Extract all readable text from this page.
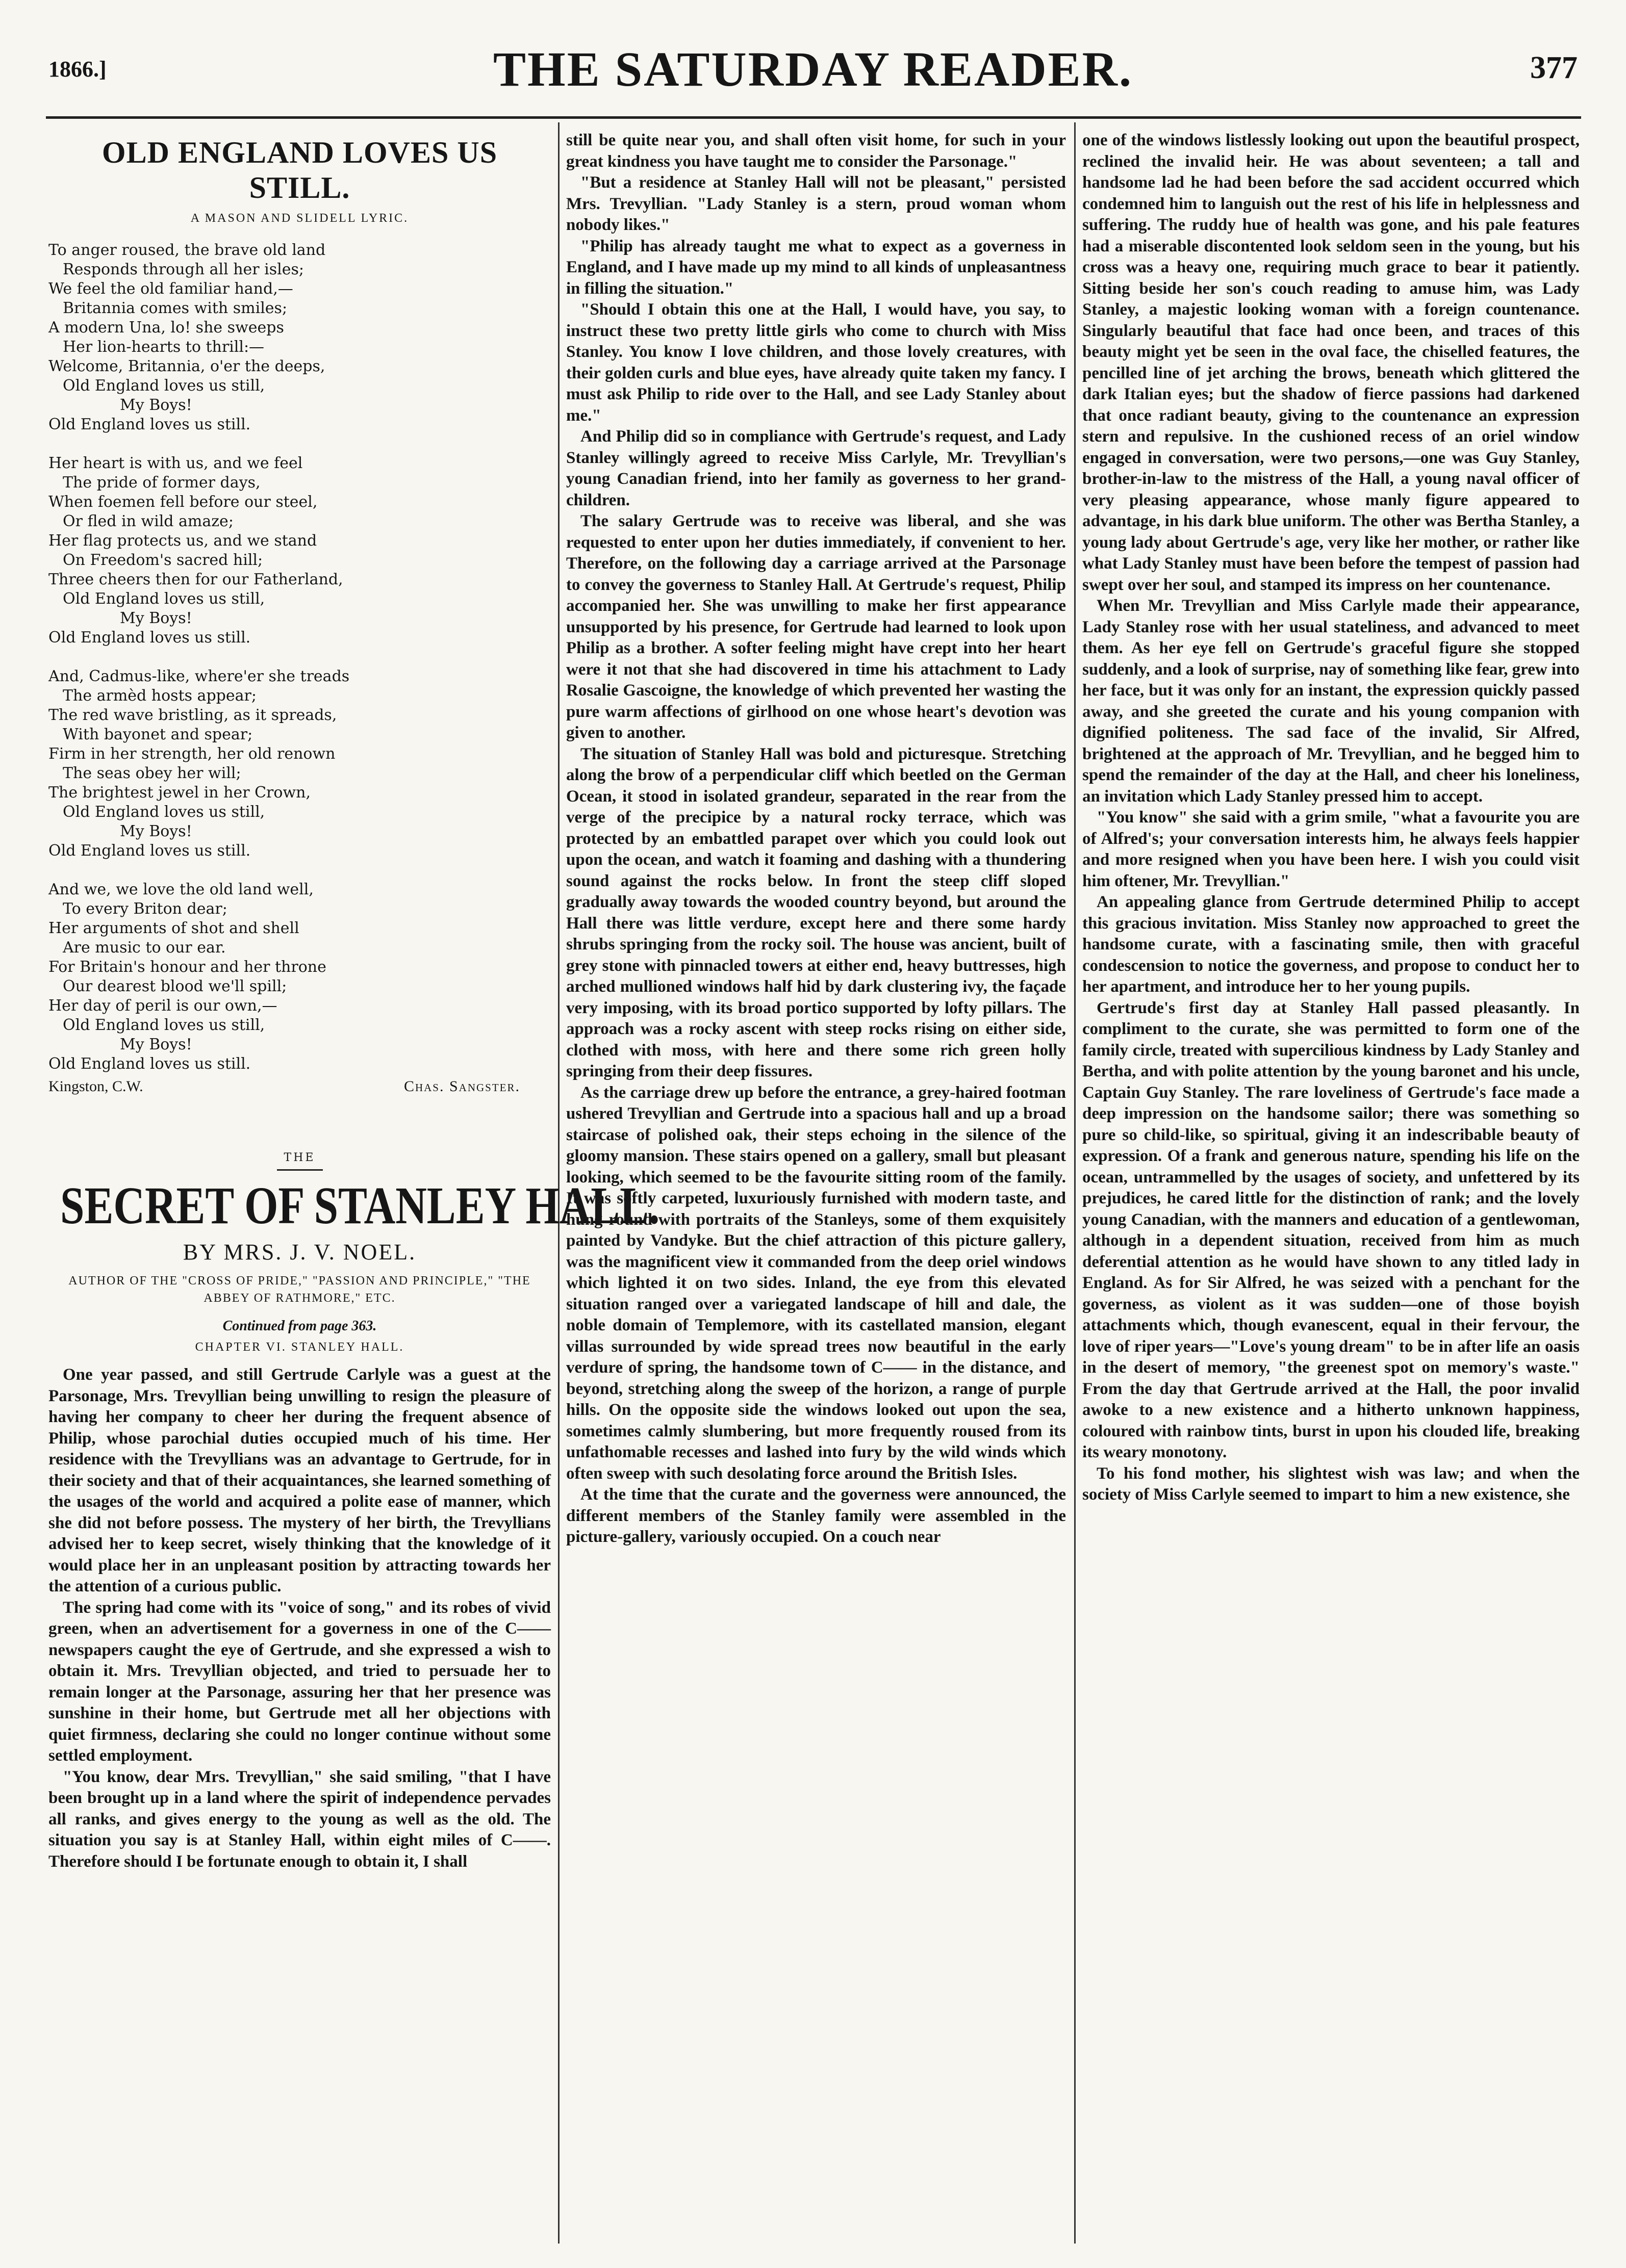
1866.]	THE SATURDAY READER.	377
OLD ENGLAND LOVES US STILL.
A MASON AND SLIDELL LYRIC.
To anger roused, the brave old land
Responds through all her isles;
We feel the old familiar hand,—
Britannia comes with smiles;
A modern Una, lo! she sweeps
Her lion-hearts to thrill:—
Welcome, Britannia, o'er the deeps,
Old England loves us still,
My Boys!
Old England loves us still.
Her heart is with us, and we feel
The pride of former days,
When foemen fell before our steel,
Or fled in wild amaze;
Her flag protects us, and we stand
On Freedom's sacred hill;
Three cheers then for our Fatherland,
Old England loves us still,
My Boys!
Old England loves us still.
And, Cadmus-like, where'er she treads
The armèd hosts appear;
The red wave bristling, as it spreads,
With bayonet and spear;
Firm in her strength, her old renown
The seas obey her will;
The brightest jewel in her Crown,
Old England loves us still,
My Boys!
Old England loves us still.
And we, we love the old land well,
To every Briton dear;
Her arguments of shot and shell
Are music to our ear.
For Britain's honour and her throne
Our dearest blood we'll spill;
Her day of peril is our own,—
Old England loves us still,
My Boys!
Old England loves us still.
Kingston, C.W.	Chas. Sangster.
THE
SECRET OF STANLEY HALL.
BY MRS. J. V. NOEL.
AUTHOR OF THE "CROSS OF PRIDE," "PASSION AND PRINCIPLE," "THE ABBEY OF RATHMORE," ETC.
Continued from page 363.
CHAPTER VI. STANLEY HALL.

One year passed, and still Gertrude Carlyle was a guest at the Parsonage, Mrs. Trevyllian being unwilling to resign the pleasure of having her company to cheer her during the frequent absence of Philip, whose parochial duties occupied much of his time. Her residence with the Trevyllians was an advantage to Gertrude, for in their society and that of their acquaintances, she learned something of the usages of the world and acquired a polite ease of manner, which she did not before possess. The mystery of her birth, the Trevyllians advised her to keep secret, wisely thinking that the knowledge of it would place her in an unpleasant position by attracting towards her the attention of a curious public.

The spring had come with its "voice of song," and its robes of vivid green, when an advertisement for a governess in one of the C—— newspapers caught the eye of Gertrude, and she expressed a wish to obtain it. Mrs. Trevyllian objected, and tried to persuade her to remain longer at the Parsonage, assuring her that her presence was sunshine in their home, but Gertrude met all her objections with quiet firmness, declaring she could no longer continue without some settled employment.

"You know, dear Mrs. Trevyllian," she said smiling, "that I have been brought up in a land where the spirit of independence pervades all ranks, and gives energy to the young as well as the old. The situation you say is at Stanley Hall, within eight miles of C——. Therefore should I be fortunate enough to obtain it, I shall

still be quite near you, and shall often visit home, for such in your great kindness you have taught me to consider the Parsonage."

"But a residence at Stanley Hall will not be pleasant," persisted Mrs. Trevyllian. "Lady Stanley is a stern, proud woman whom nobody likes."

"Philip has already taught me what to expect as a governess in England, and I have made up my mind to all kinds of unpleasantness in filling the situation."

"Should I obtain this one at the Hall, I would have, you say, to instruct these two pretty little girls who come to church with Miss Stanley. You know I love children, and those lovely creatures, with their golden curls and blue eyes, have already quite taken my fancy. I must ask Philip to ride over to the Hall, and see Lady Stanley about me."

And Philip did so in compliance with Gertrude's request, and Lady Stanley willingly agreed to receive Miss Carlyle, Mr. Trevyllian's young Canadian friend, into her family as governess to her grand-children.

The salary Gertrude was to receive was liberal, and she was requested to enter upon her duties immediately, if convenient to her. Therefore, on the following day a carriage arrived at the Parsonage to convey the governess to Stanley Hall. At Gertrude's request, Philip accompanied her. She was unwilling to make her first appearance unsupported by his presence, for Gertrude had learned to look upon Philip as a brother. A softer feeling might have crept into her heart were it not that she had discovered in time his attachment to Lady Rosalie Gascoigne, the knowledge of which prevented her wasting the pure warm affections of girlhood on one whose heart's devotion was given to another.

The situation of Stanley Hall was bold and picturesque. Stretching along the brow of a perpendicular cliff which beetled on the German Ocean, it stood in isolated grandeur, separated in the rear from the verge of the precipice by a natural rocky terrace, which was protected by an embattled parapet over which you could look out upon the ocean, and watch it foaming and dashing with a thundering sound against the rocks below. In front the steep cliff sloped gradually away towards the wooded country beyond, but around the Hall there was little verdure, except here and there some hardy shrubs springing from the rocky soil. The house was ancient, built of grey stone with pinnacled towers at either end, heavy buttresses, high arched mullioned windows half hid by dark clustering ivy, the façade very imposing, with its broad portico supported by lofty pillars. The approach was a rocky ascent with steep rocks rising on either side, clothed with moss, with here and there some rich green holly springing from their deep fissures.

As the carriage drew up before the entrance, a grey-haired footman ushered Trevyllian and Gertrude into a spacious hall and up a broad staircase of polished oak, their steps echoing in the silence of the gloomy mansion. These stairs opened on a gallery, small but pleasant looking, which seemed to be the favourite sitting room of the family. It was softly carpeted, luxuriously furnished with modern taste, and hung round with portraits of the Stanleys, some of them exquisitely painted by Vandyke. But the chief attraction of this picture gallery, was the magnificent view it commanded from the deep oriel windows which lighted it on two sides. Inland, the eye from this elevated situation ranged over a variegated landscape of hill and dale, the noble domain of Templemore, with its castellated mansion, elegant villas surrounded by wide spread trees now beautiful in the early verdure of spring, the handsome town of C—— in the distance, and beyond, stretching along the sweep of the horizon, a range of purple hills. On the opposite side the windows looked out upon the sea, sometimes calmly slumbering, but more frequently roused from its unfathomable recesses and lashed into fury by the wild winds which often sweep with such desolating force around the British Isles.

At the time that the curate and the governess were announced, the different members of the Stanley family were assembled in the picture-gallery, variously occupied. On a couch near

one of the windows listlessly looking out upon the beautiful prospect, reclined the invalid heir. He was about seventeen; a tall and handsome lad he had been before the sad accident occurred which condemned him to languish out the rest of his life in helplessness and suffering. The ruddy hue of health was gone, and his pale features had a miserable discontented look seldom seen in the young, but his cross was a heavy one, requiring much grace to bear it patiently. Sitting beside her son's couch reading to amuse him, was Lady Stanley, a majestic looking woman with a foreign countenance. Singularly beautiful that face had once been, and traces of this beauty might yet be seen in the oval face, the chiselled features, the pencilled line of jet arching the brows, beneath which glittered the dark Italian eyes; but the shadow of fierce passions had darkened that once radiant beauty, giving to the countenance an expression stern and repulsive. In the cushioned recess of an oriel window engaged in conversation, were two persons,—one was Guy Stanley, brother-in-law to the mistress of the Hall, a young naval officer of very pleasing appearance, whose manly figure appeared to advantage, in his dark blue uniform. The other was Bertha Stanley, a young lady about Gertrude's age, very like her mother, or rather like what Lady Stanley must have been before the tempest of passion had swept over her soul, and stamped its impress on her countenance.

When Mr. Trevyllian and Miss Carlyle made their appearance, Lady Stanley rose with her usual stateliness, and advanced to meet them. As her eye fell on Gertrude's graceful figure she stopped suddenly, and a look of surprise, nay of something like fear, grew into her face, but it was only for an instant, the expression quickly passed away, and she greeted the curate and his young companion with dignified politeness. The sad face of the invalid, Sir Alfred, brightened at the approach of Mr. Trevyllian, and he begged him to spend the remainder of the day at the Hall, and cheer his loneliness, an invitation which Lady Stanley pressed him to accept.

"You know" she said with a grim smile, "what a favourite you are of Alfred's; your conversation interests him, he always feels happier and more resigned when you have been here. I wish you could visit him oftener, Mr. Trevyllian."

An appealing glance from Gertrude determined Philip to accept this gracious invitation. Miss Stanley now approached to greet the handsome curate, with a fascinating smile, then with graceful condescension to notice the governess, and propose to conduct her to her apartment, and introduce her to her young pupils.

Gertrude's first day at Stanley Hall passed pleasantly. In compliment to the curate, she was permitted to form one of the family circle, treated with supercilious kindness by Lady Stanley and Bertha, and with polite attention by the young baronet and his uncle, Captain Guy Stanley. The rare loveliness of Gertrude's face made a deep impression on the handsome sailor; there was something so pure so child-like, so spiritual, giving it an indescribable beauty of expression. Of a frank and generous nature, spending his life on the ocean, untrammelled by the usages of society, and unfettered by its prejudices, he cared little for the distinction of rank; and the lovely young Canadian, with the manners and education of a gentlewoman, although in a dependent situation, received from him as much deferential attention as he would have shown to any titled lady in England. As for Sir Alfred, he was seized with a penchant for the governess, as violent as it was sudden—one of those boyish attachments which, though evanescent, equal in their fervour, the love of riper years—"Love's young dream" to be in after life an oasis in the desert of memory, "the greenest spot on memory's waste." From the day that Gertrude arrived at the Hall, the poor invalid awoke to a new existence and a hitherto unknown happiness, coloured with rainbow tints, burst in upon his clouded life, breaking its weary monotony.

To his fond mother, his slightest wish was law; and when the society of Miss Carlyle seemed to impart to him a new existence, she
